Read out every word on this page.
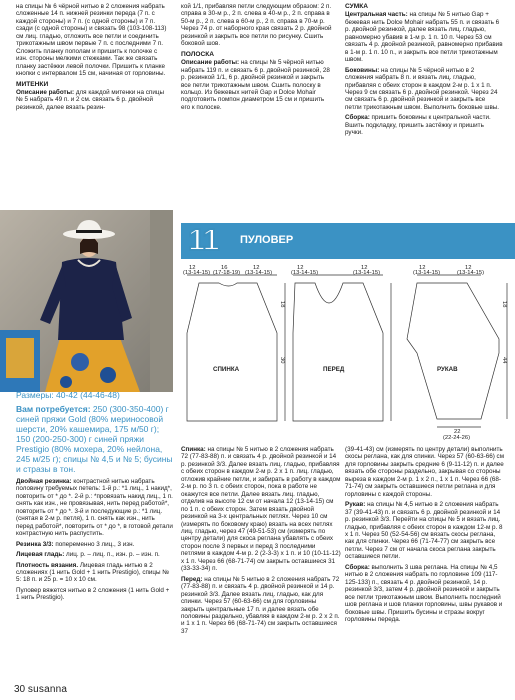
на спицы № 6 чёрной нитью в 2 сложения набрать сложенные 14 п. нижней резинки переда (7 п. с каждой стороны) и 7 п. (с одной стороны) и 7 п. сзади (с одной стороны) и связать 98 (103-108-113) см лиц. гладью, отложить все петли и соединить трикотажным швом первые 7 п. с последними 7 п. Сложить планку пополам и пришить к полочке с изн. стороны мелкими стежками. Так же связать планку застёжки левой полочки. Пришить к планке кнопки с интервалом 15 см, начиная от горловины.

МИТЕНКИ

Описание работы: для каждой митенки на спицы № 5 набрать 49 п. и 2 см. связать 6 р. двойной резинкой, далее вязать резин-

кой 1/1, прибавляя петли следующим образом: 2 п. справа в 30-м р., 2 п. слева в 40-м р., 2 п. справа в 50-м р., 2 п. слева в 60-м р., 2 п. справа в 70-м р. Через 74 р. от наборного края связать 2 р. двойной резинкой и закрыть все петли по рисунку. Сшить боковой шов.

ПОЛОСКА

Описание работы: на спицы № 5 чёрной нитью набрать 119 п. и связать 6 р. двойной резинкой, 28 р. резинкой 1/1, 6 р. двойной резинкой и закрыть все петли трикотажным швом. Сшить полоску в кольцо. Из бежевых нитей Gap и Dolce Mohair подготовить помпон диаметром 15 см и пришить его к полоске.

СУМКА

Центральная часть: на спицы № 5 нитью Gap + бежевая нить Dolce Mohair набрать 55 п. и связать 6 р. двойной резинкой, далее вязать лиц. гладью, равномерно убавив в 1-м р. 1 п. 10 п. Через 53 см связать 4 р. двойной резинкой, равномерно прибавив в 1-м р. 1 п. 10 п., и закрыть все петли трикотажным швом.

Боковины: на спицы № 5 чёрной нитью в 2 сложения набрать 8 п. и вязать лиц. гладью, прибавляя с обеих сторон в каждом 2-м р. 1 х 1 п. Через 9 см связать 6 р. двойной резинкой. Через 24 см связать 6 р. двойной резинкой и закрыть все петли трикотажным швом. Выполнить боковые швы.

Сборка: пришить боковины к центральной части. Вшить подкладку, пришить застёжку и пришить ручки.

11 ПУЛОВЕР
12
(13-14-15)
16
(17-18-19)
12
(13-14-15)
18
30
СПИНКА
12
(13-14-15)
12
(13-14-15)
ПЕРЕД
12
(13-14-15)
12
(13-14-15)
18
44
РУКАВ
22
(22-24-26)

Размеры: 40-42 (44-46-48)

Вам потребуется: 250 (300-350-400) г синей пряжи Gold (80% мериносовой шерсти, 20% кашемира, 175 м/50 г); 150 (200-250-300) г синей пряжи Prestigio (80% мохера, 20% нейлона, 245 м/25 г); спицы № 4,5 и № 5; бусины и стразы в тон.

Двойная резинка: контрастной нитью набрать половину требуемых петель: 1-й р.: *1 лиц., 1 накид*, повторить от * до *. 2-й р.: *провязать накид лиц., 1 п. снять как изн., не провязывая, нить перед работой*, повторить от * до *. 3-й и последующие р.: *1 лиц. (снятая в 2-м р. петля), 1 п. снять как изн., нить перед работой*, повторить от * до *, в готовой детали контрастную нить распустить.

Резинка 3/3: попеременно 3 лиц., 3 изн.

Лицевая гладь: лиц. р. – лиц. п., изн. р. – изн. п.

Плотность вязания. Лицевая гладь нитью в 2 сложениях (1 нить Gold + 1 нить Prestigio), спицы № 5: 18 п. и 25 р. = 10 х 10 см.

Пуловер вяжется нитью в 2 сложения (1 нить Gold + 1 нить Prestigio).

Спинка: на спицы № 5 нитью в 2 сложения набрать 72 (77-83-88) п. и связать 4 р. двойной резинкой и 14 р. резинкой 3/3. Далее вязать лиц. гладью, прибавляя с обеих сторон в каждом 2-м р. 2 х 1 п. лиц. гладью, отложив крайние петли, и забирать в работу в каждом 2-м р. по 3 п. с обеих сторон, пока в работе не окажутся все петли. Далее вязать лиц. гладью, отделив на высоте 12 см от начала 12 (13-14-15) см по 1 п. с обеих сторон. Затем вязать двойной резинкой на 3-х центральных петлях. Через 10 см (измерять по боковому краю) вязать на всех петлях лиц. гладью, через 47 (49-51-53) см (измерять по центру детали) для скоса реглана убавлять с обеих сторон после 3 первых и перед 3 последними петлями в каждом 4-м р. 2 (2-3-3) х 1 п. и 10 (10-11-12) х 1 п. Через 66 (68-71-74) см закрыть оставшиеся 31 (33-33-34) п.

Перед: на спицы № 5 нитью в 2 сложения набрать 72 (77-83-88) п. и связать 4 р. двойной резинкой и 14 р. резинкой 3/3. Далее вязать лиц. гладью, как для спинки. Через 57 (60-63-66) см для горловины закрыть центральные 17 п. и далее вязать обе половины раздельно, убавляя в каждом 2-м р. 2 х 2 п. и 1 х 1 п. Через 66 (68-71-74) см закрыть оставшиеся 37

(39-41-43) см (измерять по центру детали) выполнить скосы реглана, как для спинки. Через 57 (60-63-66) см для горловины закрыть средние 6 (9-11-12) п. и далее вязать обе стороны раздельно, закрывая со стороны выреза в каждом 2-м р. 1 х 2 п., 1 х 1 п. Через 66 (68-71-74) см закрыть оставшиеся петли реглана и для горловины с каждой стороны.

Рукав: на спицы № 4,5 нитью в 2 сложения набрать 37 (39-41-43) п. и связать 6 р. двойной резинкой и 14 р. резинкой 3/3. Перейти на спицы № 5 и вязать лиц. гладью, прибавляя с обеих сторон в каждом 12-м р. 8 х 1 п. Через 50 (52-54-56) см вязать скосы реглана, как для спинки. Через 66 (71-74-77) см закрыть все петли. Через 7 см от начала скоса реглана закрыть оставшиеся петли.

Сборка: выполнить 3 шва реглана. На спицы № 4,5 нитью в 2 сложения набрать по горловине 109 (117-125-133) п., связать 4 р. двойной резинкой, 14 р. резинкой 3/3, затем 4 р. двойной резинкой и закрыть все петли трикотажным швом. Выполнить последний шов реглана и шов планки горловины, швы рукавов и боковые швы. Пришить бусины и стразы вокруг горловины переда.

30 susanna
